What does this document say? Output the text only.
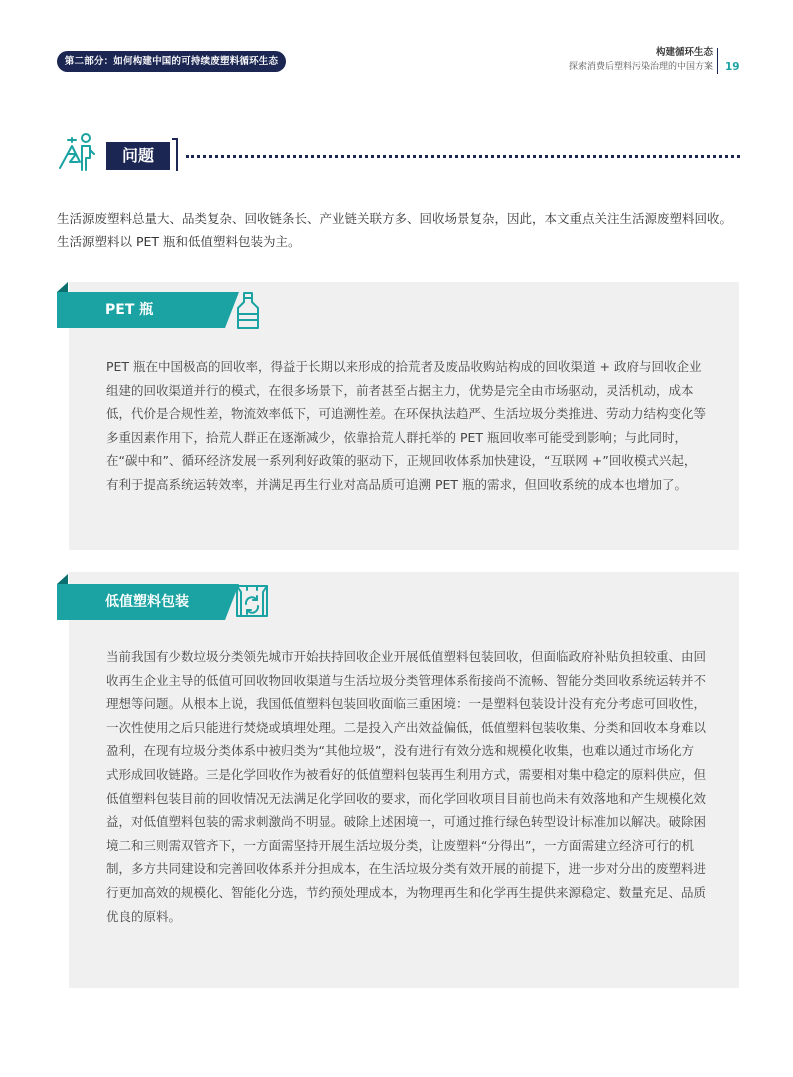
第二部分：如何构建中国的可持续废塑料循环生态
构建循环生态
探索消费后塑料污染治理的中国方案 19
问题
生活源废塑料总量大、品类复杂、回收链条长、产业链关联方多、回收场景复杂，因此，本文重点关注生活源废塑料回收。生活源塑料以 PET 瓶和低值塑料包装为主。
PET 瓶
PET 瓶在中国极高的回收率，得益于长期以来形成的拾荒者及废品收购站构成的回收渠道 + 政府与回收企业组建的回收渠道并行的模式，在很多场景下，前者甚至占据主力，优势是完全由市场驱动，灵活机动，成本低，代价是合规性差，物流效率低下，可追溯性差。在环保执法趋严、生活垃圾分类推进、劳动力结构变化等多重因素作用下，拾荒人群正在逐渐减少，依靠拾荒人群托举的 PET 瓶回收率可能受到影响；与此同时，在“碳中和”、循环经济发展一系列利好政策的驱动下，正规回收体系加快建设，“互联网 +”回收模式兴起，有利于提高系统运转效率，并满足再生行业对高品质可追溯 PET 瓶的需求，但回收系统的成本也增加了。
低值塑料包装
当前我国有少数垃圾分类领先城市开始扶持回收企业开展低值塑料包装回收，但面临政府补贴负担较重、由回收再生企业主导的低值可回收物回收渠道与生活垃圾分类管理体系衔接尚不流畅、智能分类回收系统运转并不理想等问题。从根本上说，我国低值塑料包装回收面临三重困境：一是塑料包装设计没有充分考虑可回收性，一次性使用之后只能进行焚烧或填埋处理。二是投入产出效益偏低，低值塑料包装收集、分类和回收本身难以盈利，在现有垃圾分类体系中被归类为“其他垃圾”，没有进行有效分选和规模化收集，也难以通过市场化方式形成回收链路。三是化学回收作为被看好的低值塑料包装再生利用方式，需要相对集中稳定的原料供应，但低值塑料包装目前的回收情况无法满足化学回收的要求，而化学回收项目目前也尚未有效落地和产生规模化效益，对低值塑料包装的需求刺激尚不明显。破除上述困境一，可通过推行绿色转型设计标准加以解决。破除困境二和三则需双管齐下，一方面需坚持开展生活垃圾分类，让废塑料“分得出”，一方面需建立经济可行的机制，多方共同建设和完善回收体系并分担成本，在生活垃圾分类有效开展的前提下，进一步对分出的废塑料进行更加高效的规模化、智能化分选，节约预处理成本，为物理再生和化学再生提供来源稳定、数量充足、品质优良的原料。
